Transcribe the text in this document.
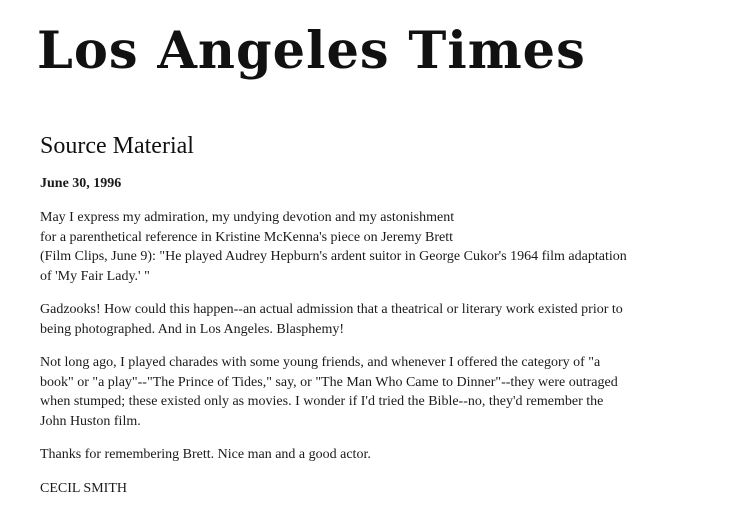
Los Angeles Times
Source Material
June 30, 1996

May I express my admiration, my undying devotion and my astonishment
for a parenthetical reference in Kristine McKenna's piece on Jeremy Brett
(Film Clips, June 9): "He played Audrey Hepburn's ardent suitor in George Cukor's 1964 film adaptation
of 'My Fair Lady.' "

Gadzooks! How could this happen--an actual admission that a theatrical or literary work existed prior to
being photographed. And in Los Angeles. Blasphemy!

Not long ago, I played charades with some young friends, and whenever I offered the category of "a
book" or "a play"--"The Prince of Tides," say, or "The Man Who Came to Dinner"--they were outraged
when stumped; these existed only as movies. I wonder if I'd tried the Bible--no, they'd remember the
John Huston film.

Thanks for remembering Brett. Nice man and a good actor.

CECIL SMITH
